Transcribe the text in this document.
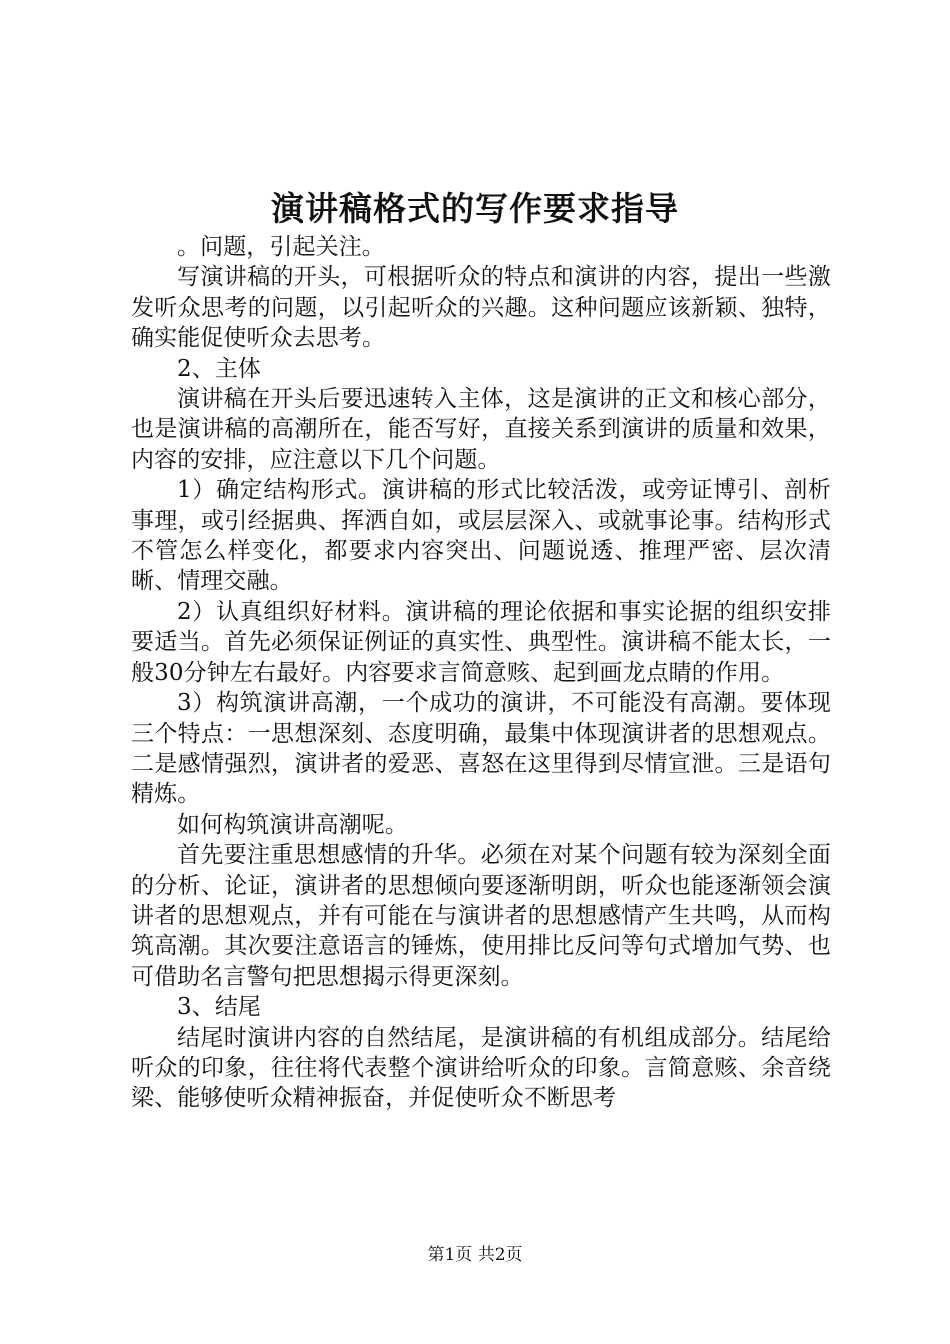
演讲稿格式的写作要求指导

。问题，引起关注。

写演讲稿的开头，可根据听众的特点和演讲的内容，提出一些激发听众思考的问题，以引起听众的兴趣。这种问题应该新颖、独特，确实能促使听众去思考。

2、主体

演讲稿在开头后要迅速转入主体，这是演讲的正文和核心部分，也是演讲稿的高潮所在，能否写好，直接关系到演讲的质量和效果，内容的安排，应注意以下几个问题。

1）确定结构形式。演讲稿的形式比较活泼，或旁证博引、剖析事理，或引经据典、挥洒自如，或层层深入、或就事论事。结构形式不管怎么样变化，都要求内容突出、问题说透、推理严密、层次清晰、情理交融。

2）认真组织好材料。演讲稿的理论依据和事实论据的组织安排要适当。首先必须保证例证的真实性、典型性。演讲稿不能太长，一般30分钟左右最好。内容要求言简意赅、起到画龙点睛的作用。

3）构筑演讲高潮，一个成功的演讲，不可能没有高潮。要体现三个特点：一思想深刻、态度明确，最集中体现演讲者的思想观点。二是感情强烈，演讲者的爱恶、喜怒在这里得到尽情宣泄。三是语句精炼。

如何构筑演讲高潮呢。

首先要注重思想感情的升华。必须在对某个问题有较为深刻全面的分析、论证，演讲者的思想倾向要逐渐明朗，听众也能逐渐领会演讲者的思想观点，并有可能在与演讲者的思想感情产生共鸣，从而构筑高潮。其次要注意语言的锤炼，使用排比反问等句式增加气势、也可借助名言警句把思想揭示得更深刻。

3、结尾

结尾时演讲内容的自然结尾，是演讲稿的有机组成部分。结尾给听众的印象，往往将代表整个演讲给听众的印象。言简意赅、余音绕梁、能够使听众精神振奋，并促使听众不断思考

第1页 共2页
